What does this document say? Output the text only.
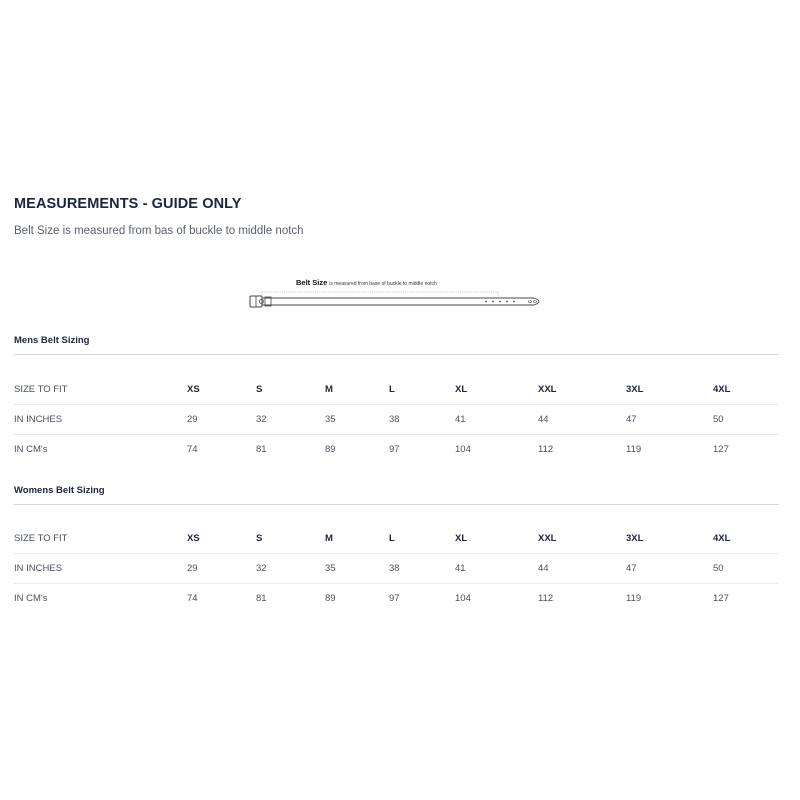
MEASUREMENTS - GUIDE ONLY

Belt Size is measured from bas of buckle to middle notch

Belt Size is measured from base of buckle to middle notch
Mens Belt Sizing
SIZE TO FIT	XS	S	M	L	XL	XXL	3XL	4XL
IN INCHES	29	32	35	38	41	44	47	50
IN CM's	74	81	89	97	104	112	119	127
Womens Belt Sizing
SIZE TO FIT	XS	S	M	L	XL	XXL	3XL	4XL
IN INCHES	29	32	35	38	41	44	47	50
IN CM's	74	81	89	97	104	112	119	127
